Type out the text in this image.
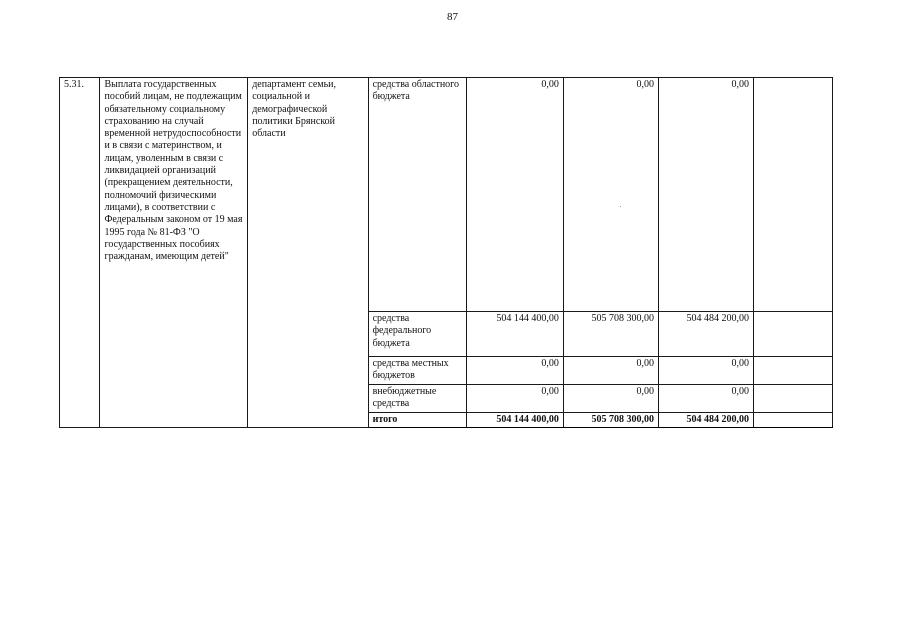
87
5.31.	Выплата государственных пособий лицам, не подлежащим обязательному социальному страхованию на случай временной нетрудоспособности и в связи с материнством, и лицам, уволенным в связи с ликвидацией организаций (прекращением деятельности, полномочий физическими лицами), в соответствии с Федеральным законом от 19 мая 1995 года № 81-ФЗ "О государственных пособиях гражданам, имеющим детей"	департамент семьи, социальной и демографической политики Брянской области	средства областного бюджета	0,00	0,00	0,00	
			средства федерального бюджета	504 144 400,00	505 708 300,00	504 484 200,00	
			средства местных бюджетов	0,00	0,00	0,00	
			внебюджетные средства	0,00	0,00	0,00	
			итого	504 144 400,00	505 708 300,00	504 484 200,00	
